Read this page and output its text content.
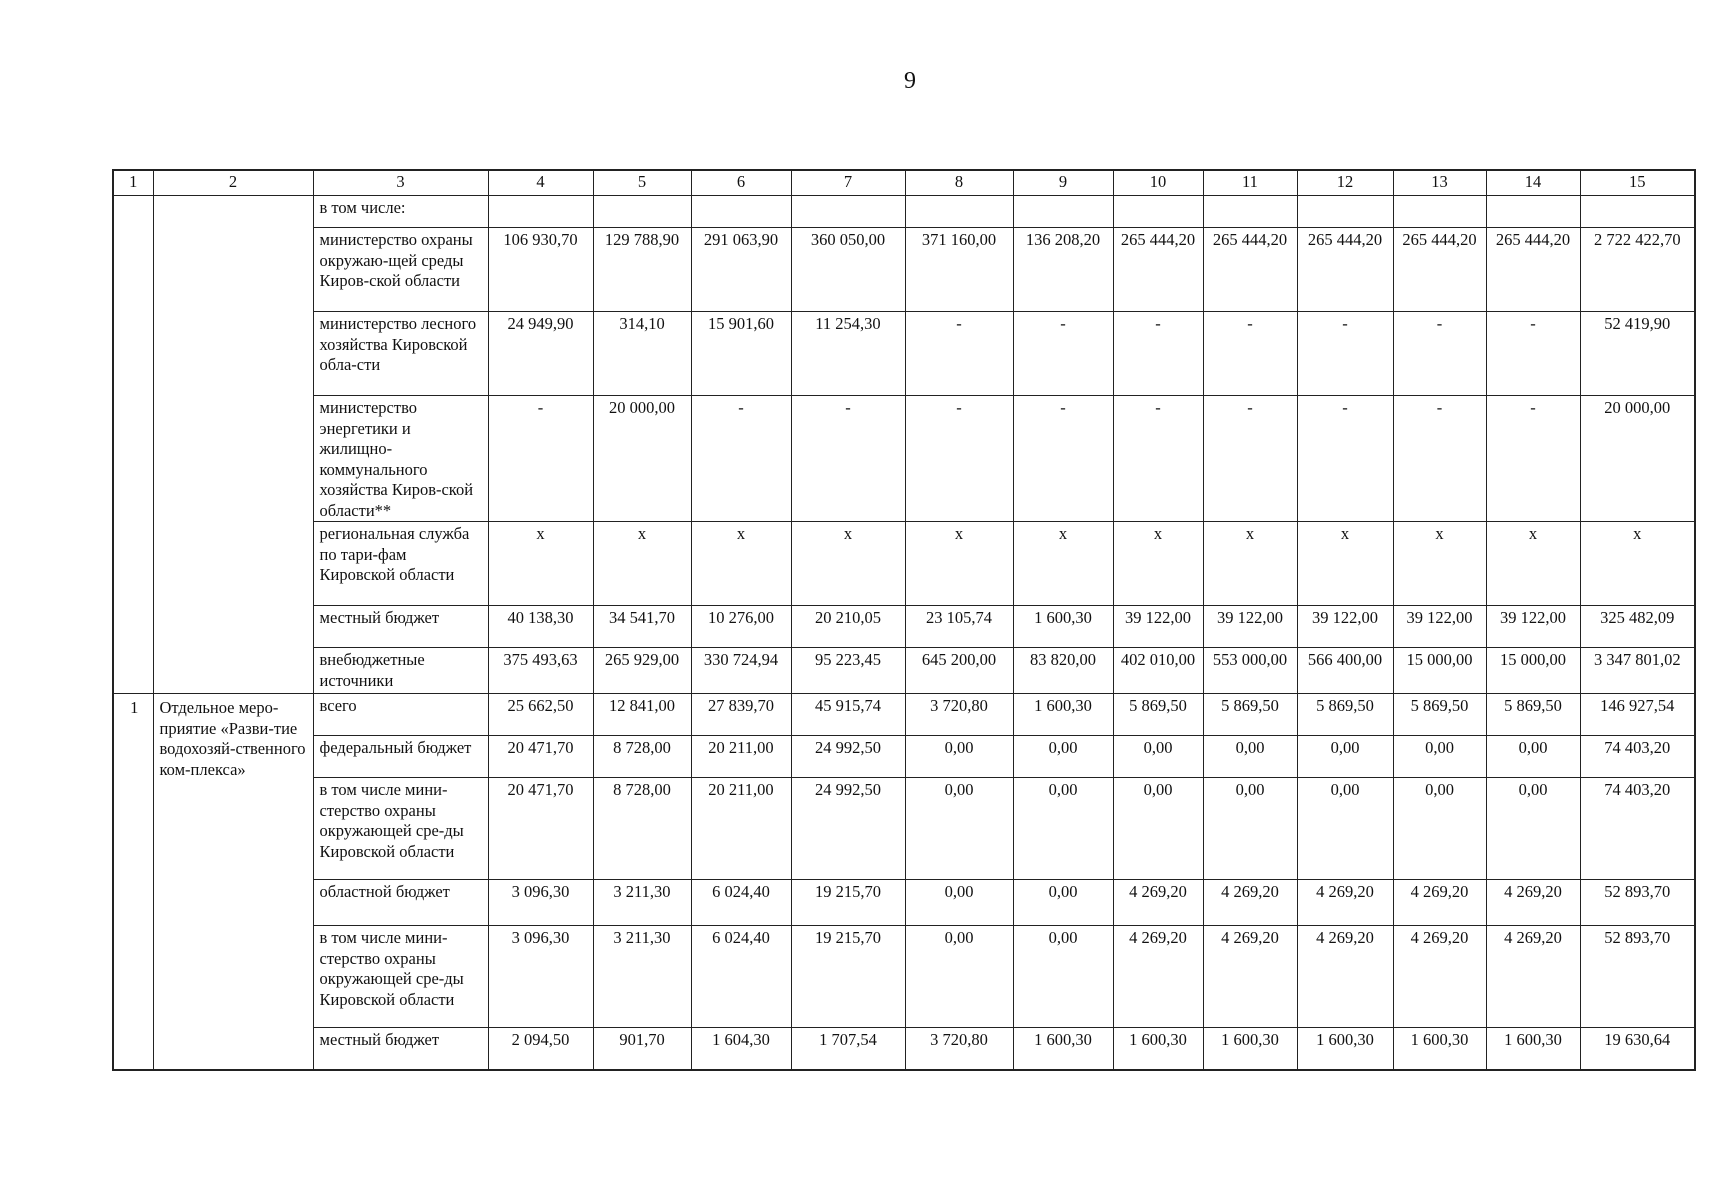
9
1	2	3	4	5	6	7	8	9	10	11	12	13	14	15
		в том числе:												
		министерство охраны окружаю-щей среды Киров-ской области	106 930,70	129 788,90	291 063,90	360 050,00	371 160,00	136 208,20	265 444,20	265 444,20	265 444,20	265 444,20	265 444,20	2 722 422,70
		министерство лесного хозяйства Кировской обла-сти	24 949,90	314,10	15 901,60	11 254,30	-	-	-	-	-	-	-	52 419,90
		министерство энергетики и жилищно-коммунального хозяйства Киров-ской области**	-	20 000,00	-	-	-	-	-	-	-	-	-	20 000,00
		региональная служба по тари-фам Кировской области	x	x	x	x	x	x	x	x	x	x	x	x
		местный бюджет	40 138,30	34 541,70	10 276,00	20 210,05	23 105,74	1 600,30	39 122,00	39 122,00	39 122,00	39 122,00	39 122,00	325 482,09
		внебюджетные источники	375 493,63	265 929,00	330 724,94	95 223,45	645 200,00	83 820,00	402 010,00	553 000,00	566 400,00	15 000,00	15 000,00	3 347 801,02
1	Отдельное меро-приятие «Разви-тие водохозяй-ственного ком-плекса»	всего	25 662,50	12 841,00	27 839,70	45 915,74	3 720,80	1 600,30	5 869,50	5 869,50	5 869,50	5 869,50	5 869,50	146 927,54
		федеральный бюджет	20 471,70	8 728,00	20 211,00	24 992,50	0,00	0,00	0,00	0,00	0,00	0,00	0,00	74 403,20
		в том числе мини-стерство охраны окружающей сре-ды Кировской области	20 471,70	8 728,00	20 211,00	24 992,50	0,00	0,00	0,00	0,00	0,00	0,00	0,00	74 403,20
		областной бюджет	3 096,30	3 211,30	6 024,40	19 215,70	0,00	0,00	4 269,20	4 269,20	4 269,20	4 269,20	4 269,20	52 893,70
		в том числе мини-стерство охраны окружающей сре-ды Кировской области	3 096,30	3 211,30	6 024,40	19 215,70	0,00	0,00	4 269,20	4 269,20	4 269,20	4 269,20	4 269,20	52 893,70
		местный бюджет	2 094,50	901,70	1 604,30	1 707,54	3 720,80	1 600,30	1 600,30	1 600,30	1 600,30	1 600,30	1 600,30	19 630,64
